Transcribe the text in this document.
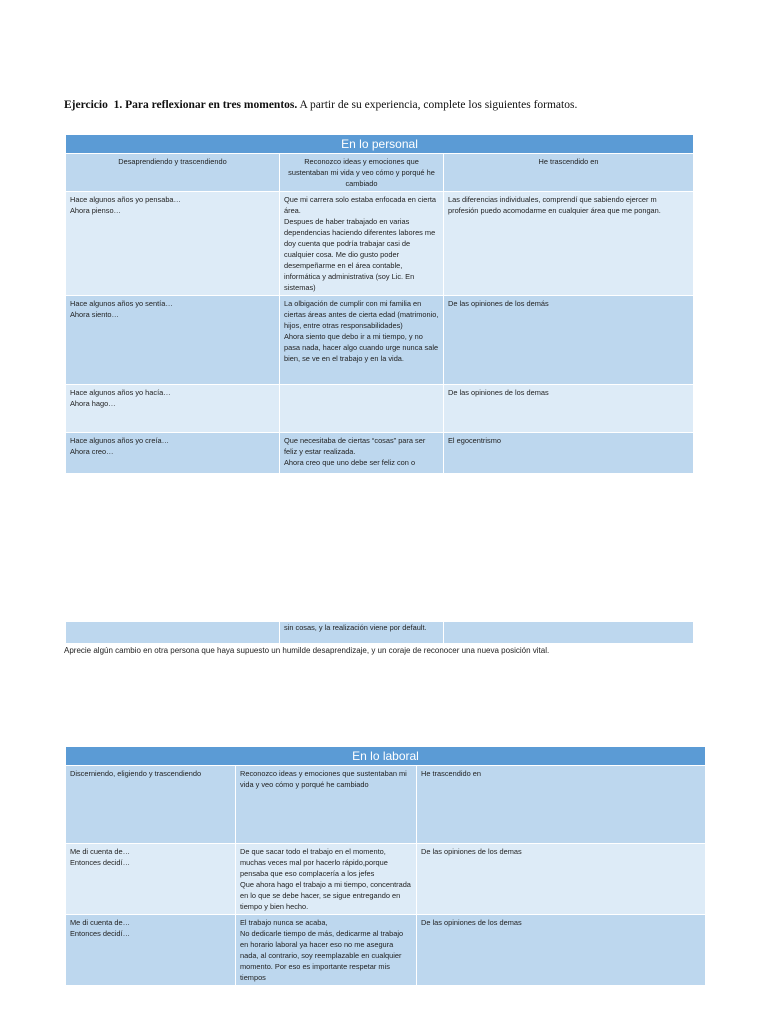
Ejercicio 1. Para reflexionar en tres momentos. A partir de su experiencia, complete los siguientes formatos.
En lo personal		
Desaprendiendo y trascendiendo	Reconozco ideas y emociones que sustentaban mi vida y veo cómo y porqué he cambiado	He trascendido en

Hace algunos años yo pensaba…
Ahora pienso…	Que mi carrera solo estaba enfocada en cierta área.
Despues de haber trabajado en varias dependencias haciendo diferentes labores me doy cuenta que podría trabajar casi de cualquier cosa. Me dio gusto poder desempeñarme en el área contable, informática y administrativa (soy Lic. En sistemas)	Las diferencias individuales, comprendí que sabiendo ejercer m profesión puedo acomodarme en cualquier área que me pongan.

Hace algunos años yo sentía…
Ahora siento…	La olbigación de cumplir con mi familia en ciertas áreas antes de cierta edad (matrimonio, hijos, entre otras responsabilidades)
Ahora siento que debo ir a mi tiempo, y no pasa nada, hacer algo cuando urge nunca sale bien, se ve en el trabajo y en la vida.	De las opiniones de los demás

Hace algunos años yo hacía…
Ahora hago…		De las opiniones de los demas

Hace algunos años yo creía…
Ahora creo…	Que necesitaba de ciertas “cosas” para ser feliz y estar realizada.
Ahora creo que uno debe ser feliz con o	El egocentrismo
	sin cosas, y la realización viene por default.	
Aprecie algún cambio en otra persona que haya supuesto un humilde desaprendizaje, y un coraje de reconocer una nueva posición vital.
En lo laboral		
Discerniendo, eligiendo y trascendiendo	Reconozco ideas y emociones que sustentaban mi vida y veo cómo y porqué he cambiado	He trascendido en

Me di cuenta de…
Entonces decidí…	De que sacar todo el trabajo en el momento, muchas veces mal por hacerlo rápido,porque pensaba que eso complacería a los jefes
Que ahora hago el trabajo a mi tiempo, concentrada en lo que se debe hacer, se sigue entregando en tiempo y bien hecho.	De las opiniones de los demas

Me di cuenta de…
Entonces decidí…	El trabajo nunca se acaba,
No dedicarle tiempo de más, dedicarme al trabajo en horario laboral ya hacer eso no me asegura nada, al contrario, soy reemplazable en cualquier momento. Por eso es importante respetar mis tiempos	De las opiniones de los demas
